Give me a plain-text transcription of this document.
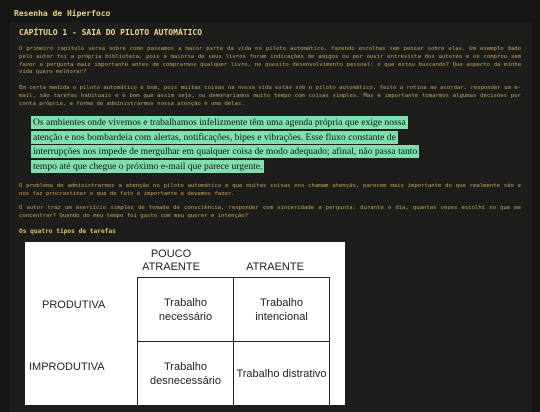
Resenha de Hiperfoco
CAPÍTULO 1 - SAIA DO PILOTO AUTOMÁTICO

O primeiro capítulo versa sobre como passamos a maior parte da vida no piloto automático, fazendo escolhas sem pensar sobre elas. Um exemplo dado pelo autor foi a própria biblioteca, pois a maioria de seus livros foram indicações de amigos ou por ouvir entrevista dos autores e os comprou sem fazer a pergunta mais importante antes de comprarmos qualquer livro, no quesito desenvolvimento pessoal: o que estou buscando? Que aspecto da minha vida quero melhorar?

Em certa medida o piloto automático é bom, pois muitas coisas na nossa vida estão sob o piloto automático, feito a rotina ao acordar, responder um e-mail, são tarefas habituais e é bom que assim seja, ou demoraríamos muito tempo com coisas simples. Mas é importante tomarmos algumas decisões por conta própria, a forma de administrarmos nossa atenção é uma delas.

Os ambientes onde vivemos e trabalhamos infelizmente têm uma agenda própria que exige nossa atenção e nos bombardeia com alertas, notificações, bipes e vibrações. Esse fluxo constante de interrupções nos impede de mergulhar em qualquer coisa de modo adequado; afinal, não passa tanto tempo até que chegue o próximo e-mail que parece urgente.

O problema de administrarmos a atenção no piloto automático e que muitas coisas nos chamam atenção, parecem mais importante do que realmente são e nos faz procrastinar o que de fato é importante e devemos fazer.

O autor traz um exercício simples de tomada de consciência, responder com sinceridade a pergunta: durante o dia, quantas vezes escolhi no que me concentrar? Quando do meu tempo foi gasto com meu querer e intenção?

Os quatro tipos de tarefas
POUCO ATRAENTE	ATRAENTE
PRODUTIVA
IMPRODUTIVA
Trabalho necessário
Trabalho intencional
Trabalho desnecessário
Trabalho distrativo
